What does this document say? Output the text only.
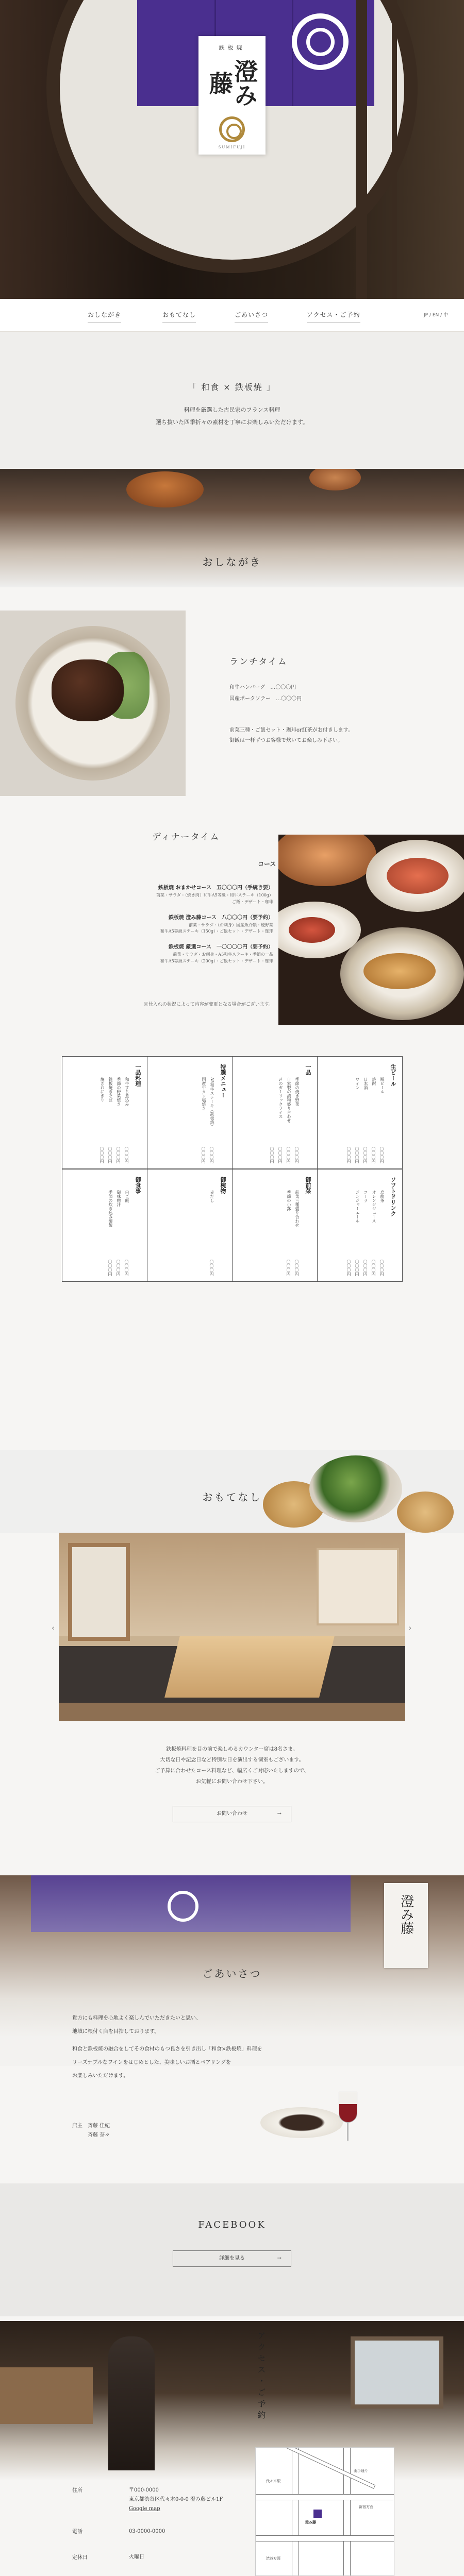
鉄板焼
澄み藤
SUMIFUJI
おしながき	おもてなし	ごあいさつ	アクセス・ご予約	JP / EN / 中
「 和食 × 鉄板焼 」
料理を厳選した古民家のフランス料理
選ち抜いた四季折々の素材を丁寧にお楽しみいただけます。
おしながき
ランチタイム
和牛ハンバーグ　 …〇〇〇円
国産ポークソテー　 …〇〇〇円
前菜三種・ご飯セット・珈琲or紅茶がお付きします。
御飯は一杯ずつお客様で炊いてお楽しみ下さい。
ディナータイム
コース
鉄板焼 おまかせコース　五〇〇〇円（手続き要）
前菜・サラダ・（焼き肉）和牛A5等級・和牛ステーキ（100g）
ご飯・デザート・珈琲
鉄板焼 澄み藤コース　八〇〇〇円（要予約）
前菜・サラダ・（お刺身）国産魚介類・焼野菜
和牛A5等級ステーキ（150g）・ご飯セット・デザート・珈琲
鉄板焼 厳選コース　一〇〇〇〇円（要予約）
前菜・サラダ・お刺身・A5和牛ステーキ・季節の一品
和牛A5等級ステーキ（200g）・ご飯セット・デザート・珈琲
※仕入れの状況によって内容が変更となる場合がございます。
一品料理
和牛すじ煮込み
季節の野菜焼き
鉄板焼きそば
焼きおにぎり
〇〇〇円
〇〇〇円
〇〇〇円
〇〇〇円
特選メニュー
A5和牛ステーキ（鉄板焼）
国産牛タン塩焼き
〇〇〇円
〇〇〇円
一品
季節の焼き野菜
自家製の漬物盛り合わせ
〆のガーリックライス
〇〇〇円
〇〇〇円
〇〇〇円
〇〇〇円
生ビール
瓶ビール
焼酎
日本酒
ワイン
〇〇〇円
〇〇〇円
〇〇〇円
〇〇〇円
〇〇〇円
御食事
白ご飯
御味噌汁
季節の炊き込み御飯
〇〇〇円
〇〇〇円
〇〇〇円
御椀物
赤だし
〇〇〇円
御前菜
前菜三種盛り合わせ
季節の小鉢
〇〇〇円
〇〇〇円
ソフトドリンク
烏龍茶
オレンジジュース
コーラ
ジンジャーエール
〇〇〇円
〇〇〇円
〇〇〇円
〇〇〇円
〇〇〇円
おもてなし
‹	›
鉄板焼料理を目の前で楽しめるカウンター席は8名さま。
大切な日や記念日など特別な日を演出する個室もございます。
ご予算に合わせたコース料理など、幅広くご対応いたしますので、
お気軽にお問い合わせ下さい。
お問い合わせ	→
澄み藤
ごあいさつ
貴方にも料理を心地よく楽しんでいただきたいと思い、
地域に根付く店を目指しております。
和食と鉄板焼の融合をしてその食材のもつ良さを引き出し「和食×鉄板焼」料理を
リーズナブルなワインをはじめとした、美味しいお酒とペアリングを
お楽しみいただけます。
店主　 斉藤 佳紀
　斉藤 奈々
FACEBOOK
詳細を見る	→
アクセス・ご予約
住所	〒000-0000
東京都渋谷区代々木0-0-0 澄み藤ビル1F
Google map
電話	03-0000-0000
定休日	火曜日
山手通り
代々木駅
新宿方面
澄み藤
渋谷方面
